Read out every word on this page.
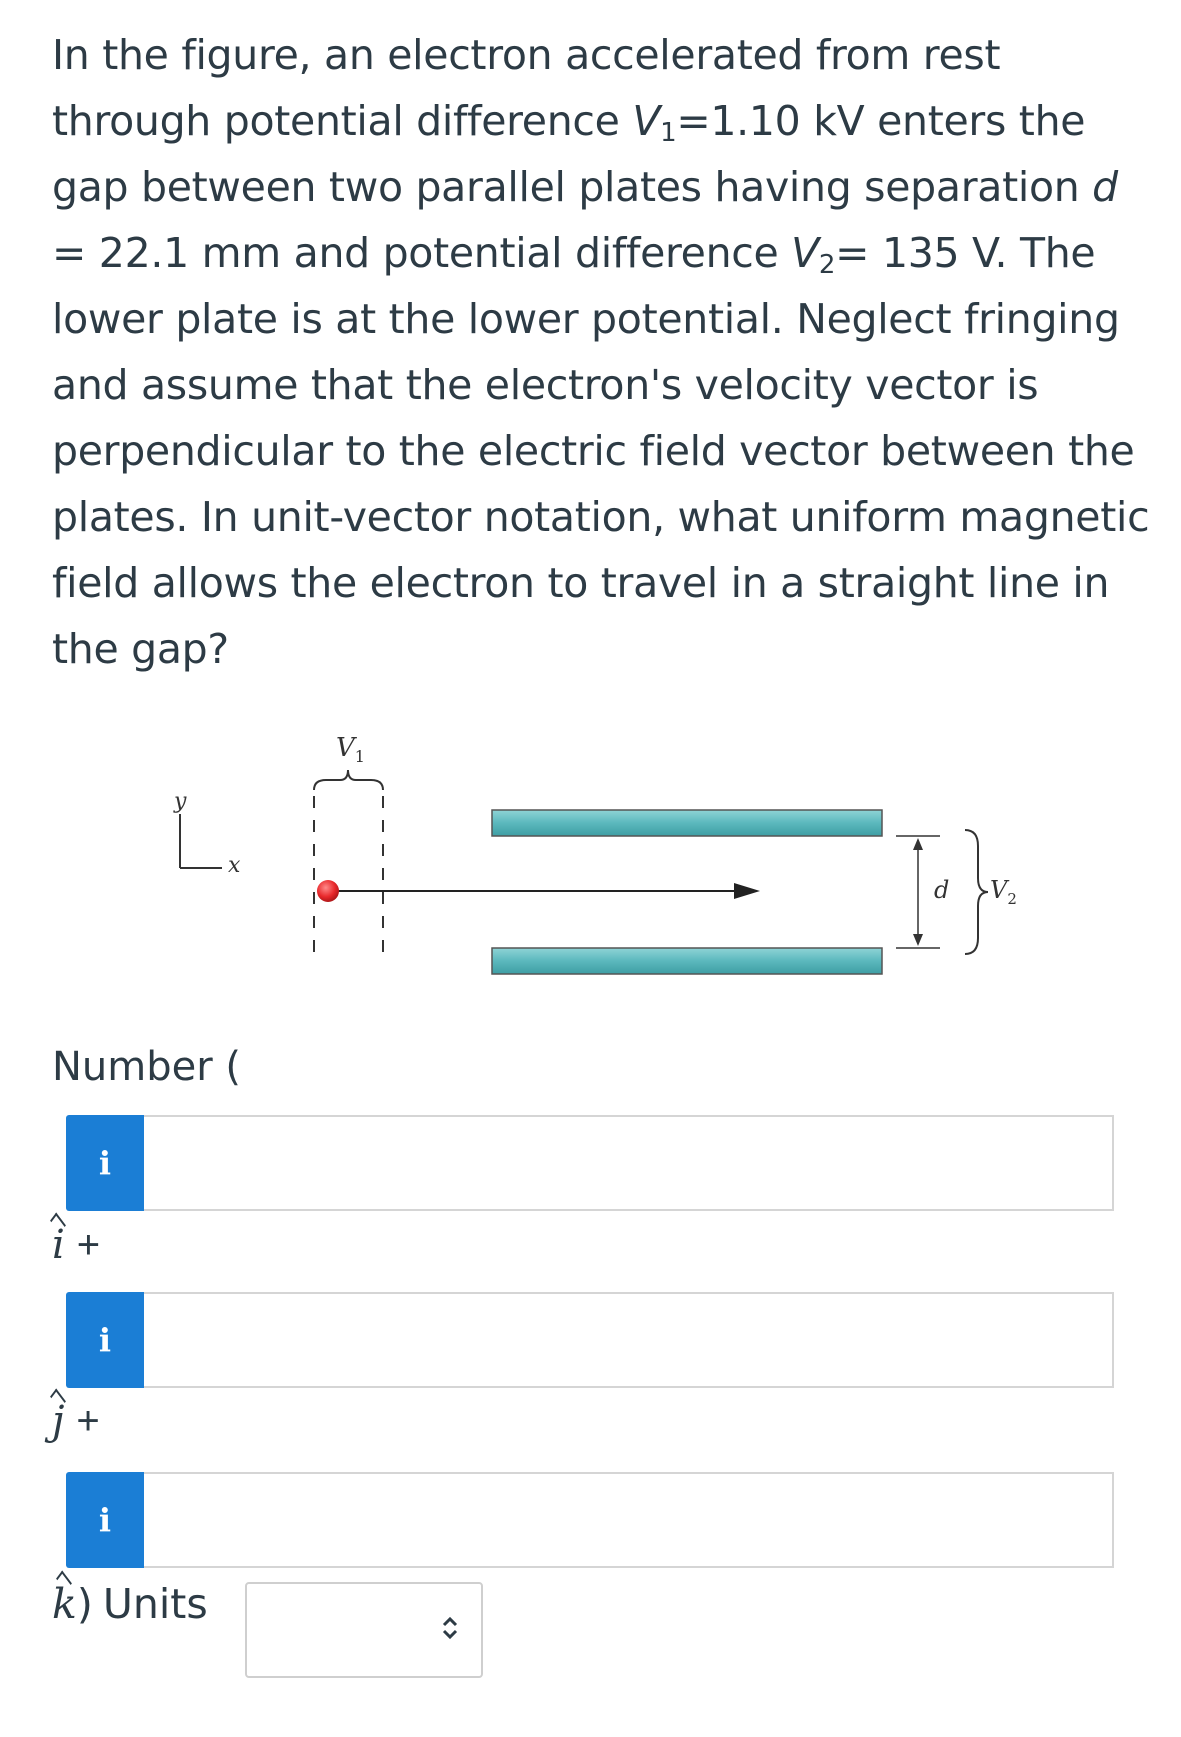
In the figure, an electron accelerated from rest through potential difference $V_1=1.10$ kV enters the gap between two parallel plates having separation d = 22.1 mm and potential difference $V_2= 135$ V. The lower plate is at the lower potential. Neglect fringing and assume that the electron's velocity vector is perpendicular to the electric field vector between the plates. In unit-vector notation, what uniform magnetic field allows the electron to travel in a straight line in the gap?

y
x
$V_1$
d $V_2$
Number (
i
i +
i
j +
i
k ) Units
